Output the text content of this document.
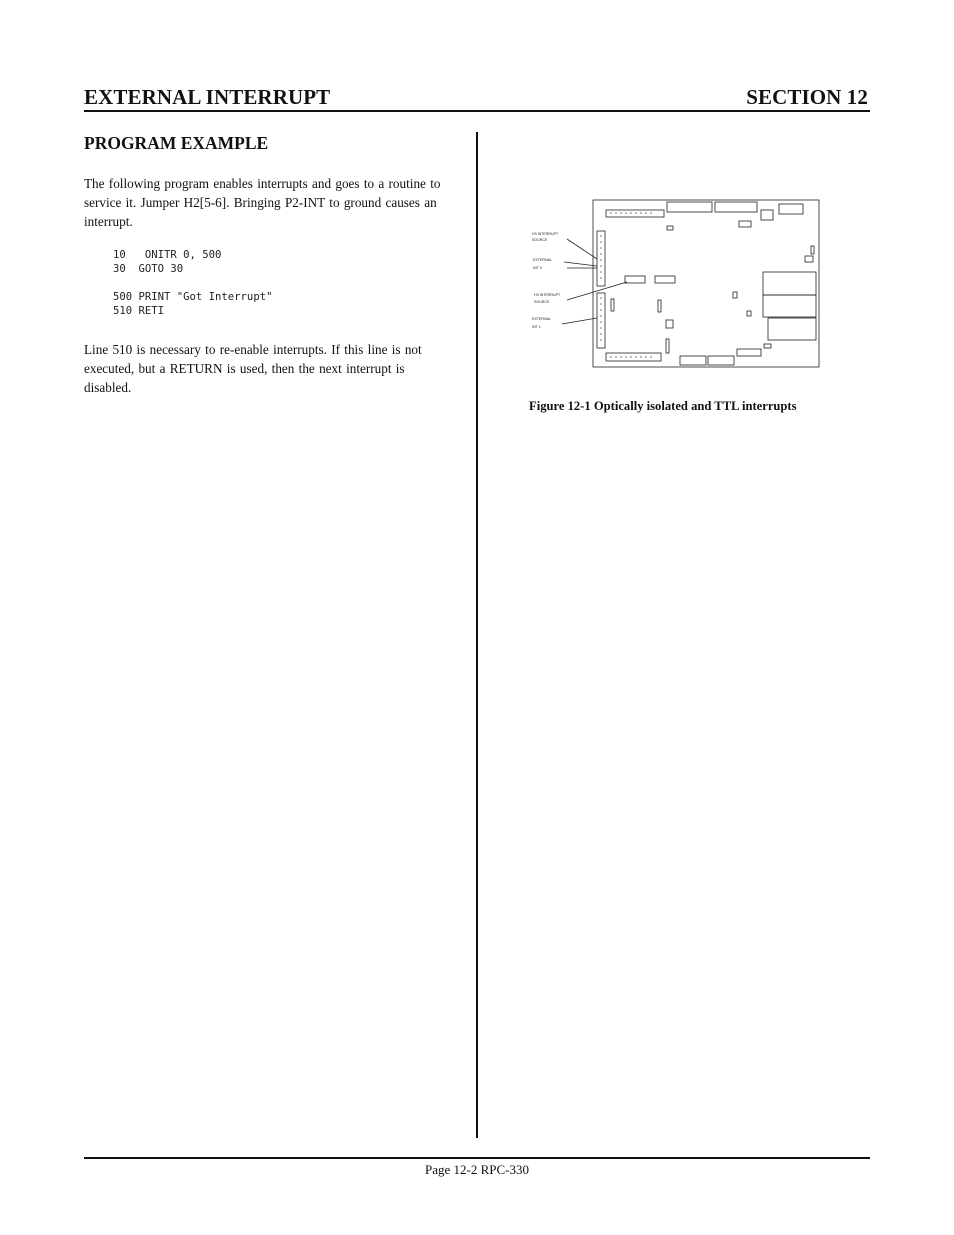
EXTERNAL INTERRUPT	SECTION 12
PROGRAM EXAMPLE
The following program enables interrupts and goes to a routine to service it. Jumper H2[5-6]. Bringing P2-INT to ground causes an interrupt.
10   ONITR 0, 500
30  GOTO 30
500 PRINT "Got Interrupt"
510 RETI
Line 510 is necessary to re-enable interrupts. If this line is not executed, but a RETURN is used, then the next interrupt is disabled.
H3 INTERRUPT
SOURCE
EXTERNAL
INT 0
H3 INTERRUPT
SOURCE
EXTERNAL
INT 1
Figure 12-1 Optically isolated and TTL interrupts
Page 12-2 RPC-330
